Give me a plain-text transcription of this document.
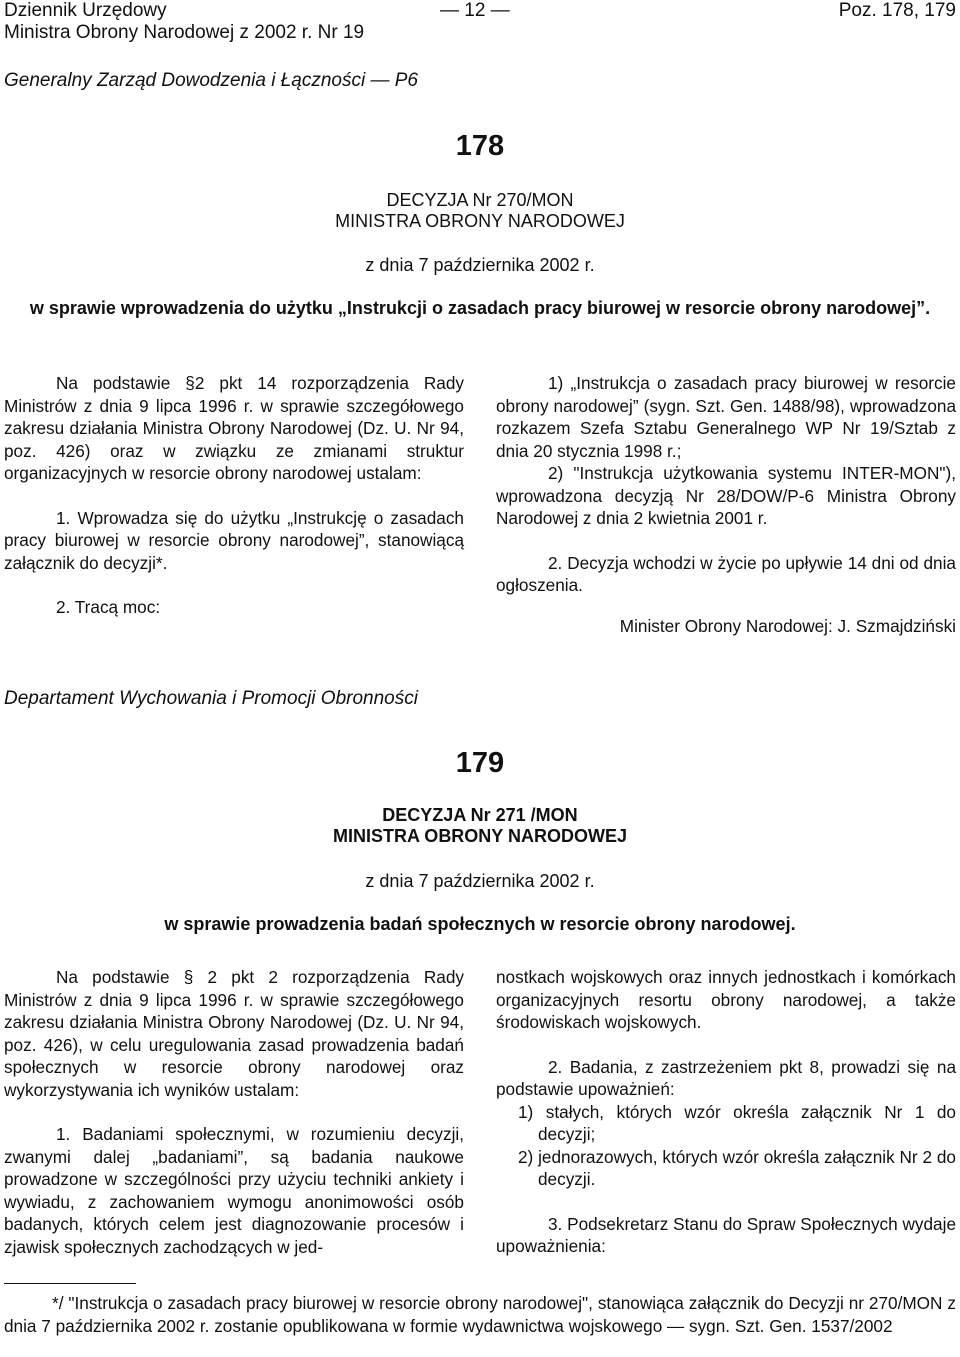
Dziennik Urzędowy
Ministra Obrony Narodowej z 2002 r. Nr 19
— 12 —	Poz. 178, 179
Generalny Zarząd Dowodzenia i Łączności — P6
178
DECYZJA Nr 270/MON
MINISTRA OBRONY NARODOWEJ
z dnia 7 października 2002 r.
w sprawie wprowadzenia do użytku „Instrukcji o zasadach pracy biurowej w resorcie obrony narodowej”.

Na podstawie §2 pkt 14 rozporządzenia Rady Ministrów z dnia 9 lipca 1996 r. w sprawie szczegółowego zakresu działania Ministra Obrony Narodowej (Dz. U. Nr 94, poz. 426) oraz w związku ze zmianami struktur organizacyjnych w resorcie obrony narodowej ustalam:

1. Wprowadza się do użytku „Instrukcję o zasadach pracy biurowej w resorcie obrony narodowej”, stanowiącą załącznik do decyzji*.

2. Tracą moc:

1) „Instrukcja o zasadach pracy biurowej w resorcie obrony narodowej” (sygn. Szt. Gen. 1488/98), wprowadzona rozkazem Szefa Sztabu Generalnego WP Nr 19/Sztab z dnia 20 stycznia 1998 r.;

2) "Instrukcja użytkowania systemu INTER-MON"), wprowadzona decyzją Nr 28/DOW/P-6 Ministra Obrony Narodowej z dnia 2 kwietnia 2001 r.

2. Decyzja wchodzi w życie po upływie 14 dni od dnia ogłoszenia.

Minister Obrony Narodowej: J. Szmajdziński
Departament Wychowania i Promocji Obronności
179
DECYZJA Nr 271 /MON
MINISTRA OBRONY NARODOWEJ
z dnia 7 października 2002 r.
w sprawie prowadzenia badań społecznych w resorcie obrony narodowej.

Na podstawie § 2 pkt 2 rozporządzenia Rady Ministrów z dnia 9 lipca 1996 r. w sprawie szczegółowego zakresu działania Ministra Obrony Narodowej (Dz. U. Nr 94, poz. 426), w celu uregulowania zasad prowadzenia badań społecznych w resorcie obrony narodowej oraz wykorzystywania ich wyników ustalam:

1. Badaniami społecznymi, w rozumieniu decyzji, zwanymi dalej „badaniami”, są badania naukowe prowadzone w szczególności przy użyciu techniki ankiety i wywiadu, z zachowaniem wymogu anonimowości osób badanych, których celem jest diagnozowanie procesów i zjawisk społecznych zachodzących w jed-

nostkach wojskowych oraz innych jednostkach i komórkach organizacyjnych resortu obrony narodowej, a także środowiskach wojskowych.

2. Badania, z zastrzeżeniem pkt 8, prowadzi się na podstawie upoważnień:

1) stałych, których wzór określa załącznik Nr 1 do decyzji;

2) jednorazowych, których wzór określa załącznik Nr 2 do decyzji.

3. Podsekretarz Stanu do Spraw Społecznych wydaje upoważnienia:

*/ "Instrukcja o zasadach pracy biurowej w resorcie obrony narodowej", stanowiąca załącznik do Decyzji nr 270/MON z dnia 7 października 2002 r. zostanie opublikowana w formie wydawnictwa wojskowego — sygn. Szt. Gen. 1537/2002
